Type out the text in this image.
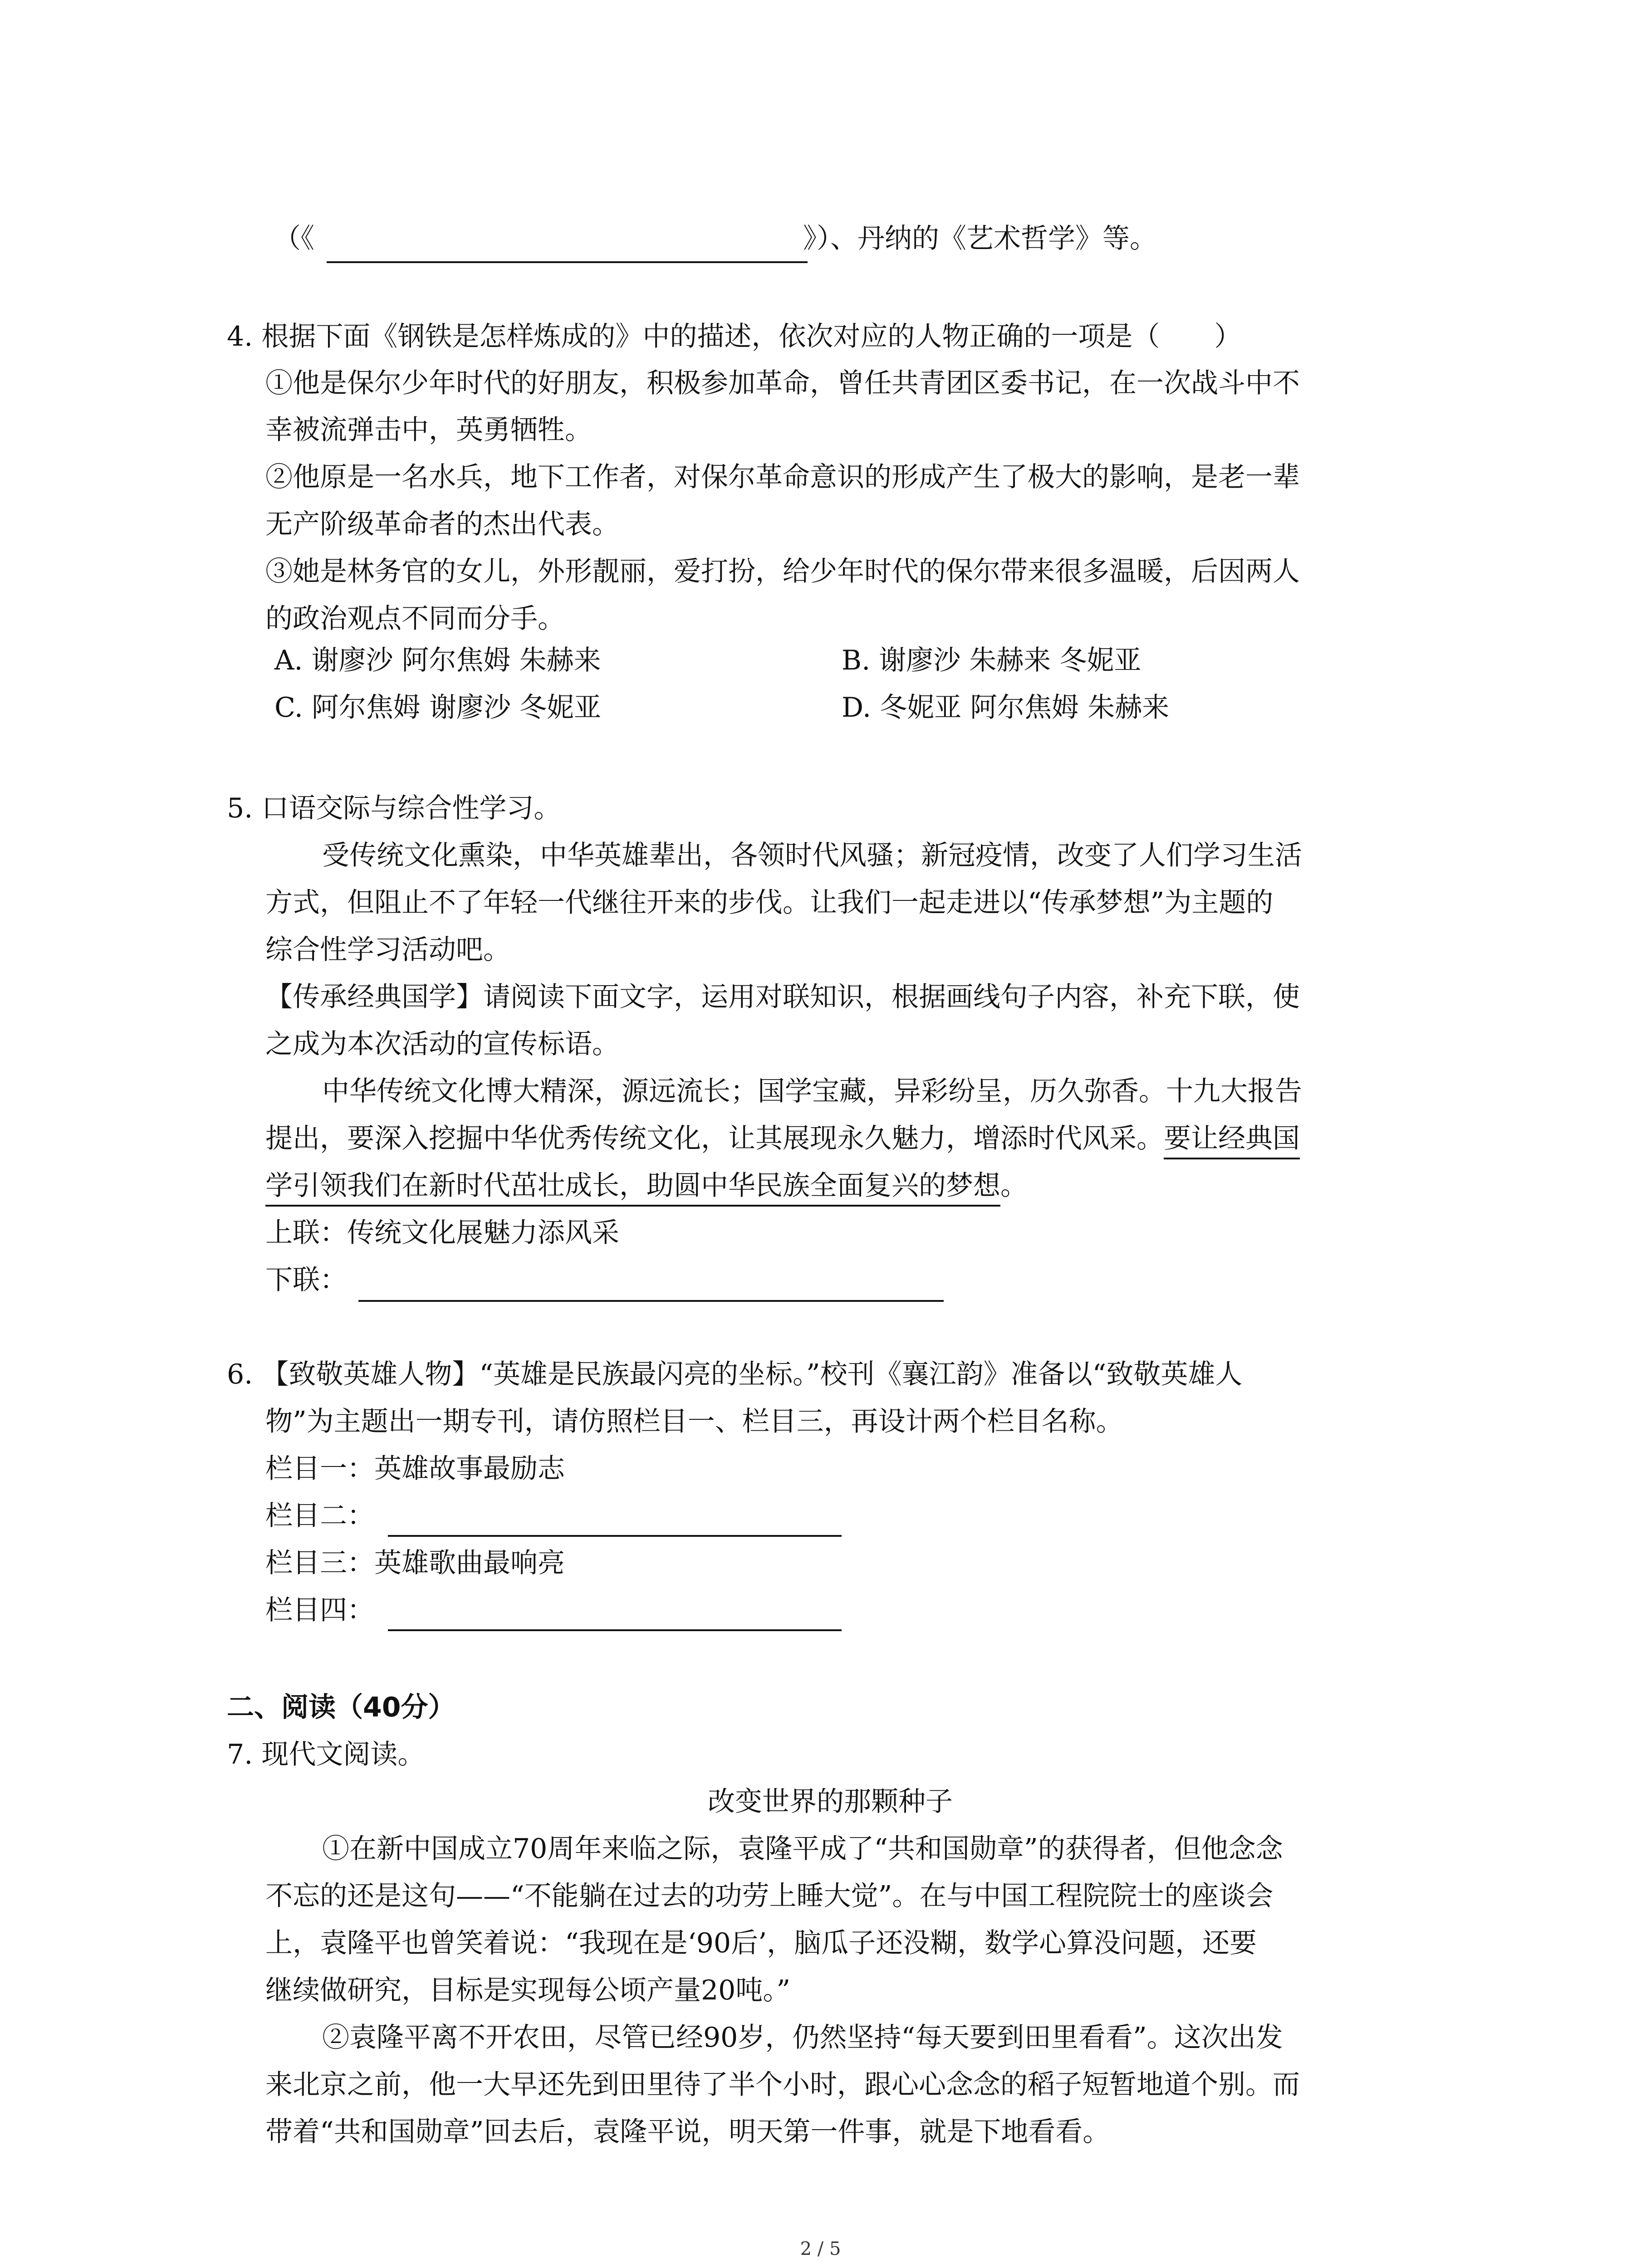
（《	》）、丹纳的《艺术哲学》等。
4. 根据下面《钢铁是怎样炼成的》中的描述，依次对应的人物正确的一项是（　　）
①他是保尔少年时代的好朋友，积极参加革命，曾任共青团区委书记，在一次战斗中不
幸被流弹击中，英勇牺牲。
②他原是一名水兵，地下工作者，对保尔革命意识的形成产生了极大的影响，是老一辈
无产阶级革命者的杰出代表。
③她是林务官的女儿，外形靓丽，爱打扮，给少年时代的保尔带来很多温暖，后因两人
的政治观点不同而分手。
A. 谢廖沙 阿尔焦姆 朱赫来	B. 谢廖沙 朱赫来 冬妮亚
C. 阿尔焦姆 谢廖沙 冬妮亚	D. 冬妮亚 阿尔焦姆 朱赫来
5. 口语交际与综合性学习。
受传统文化熏染，中华英雄辈出，各领时代风骚；新冠疫情，改变了人们学习生活
方式，但阻止不了年轻一代继往开来的步伐。让我们一起走进以“传承梦想”为主题的
综合性学习活动吧。
【传承经典国学】请阅读下面文字，运用对联知识，根据画线句子内容，补充下联，使
之成为本次活动的宣传标语。
中华传统文化博大精深，源远流长；国学宝藏，异彩纷呈，历久弥香。十九大报告
提出，要深入挖掘中华优秀传统文化，让其展现永久魅力，增添时代风采。要让经典国
学引领我们在新时代茁壮成长，助圆中华民族全面复兴的梦想。
上联：传统文化展魅力添风采
下联：
6. 【致敬英雄人物】“英雄是民族最闪亮的坐标。”校刊《襄江韵》准备以“致敬英雄人
物”为主题出一期专刊，请仿照栏目一、栏目三，再设计两个栏目名称。
栏目一：英雄故事最励志
栏目二：
栏目三：英雄歌曲最响亮
栏目四：
二、阅读（40分）
7. 现代文阅读。
改变世界的那颗种子
①在新中国成立70周年来临之际，袁隆平成了“共和国勋章”的获得者，但他念念
不忘的还是这句——“不能躺在过去的功劳上睡大觉”。在与中国工程院院士的座谈会
上，袁隆平也曾笑着说：“我现在是‘90后’，脑瓜子还没糊，数学心算没问题，还要
继续做研究，目标是实现每公顷产量20吨。”
②袁隆平离不开农田，尽管已经90岁，仍然坚持“每天要到田里看看”。这次出发
来北京之前，他一大早还先到田里待了半个小时，跟心心念念的稻子短暂地道个别。而
带着“共和国勋章”回去后，袁隆平说，明天第一件事，就是下地看看。
2 / 5
